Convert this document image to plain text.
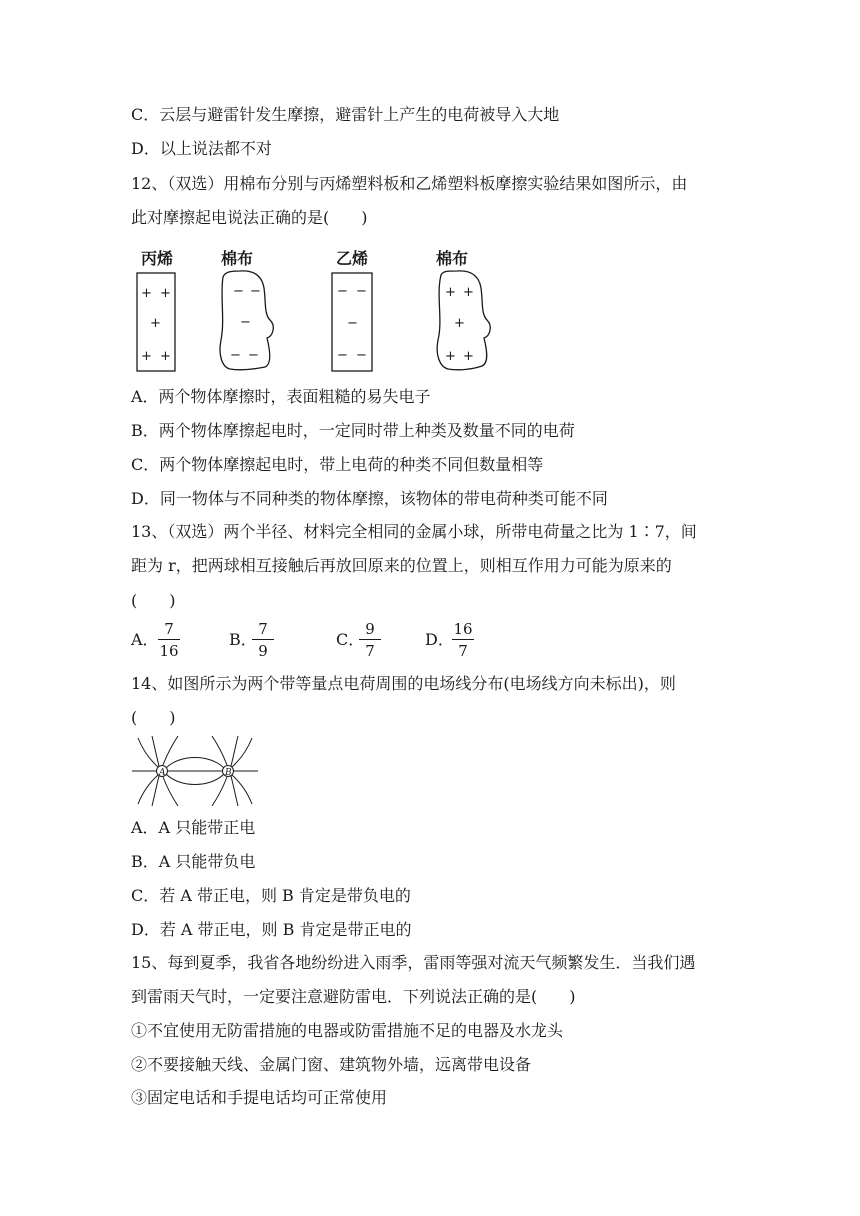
C．云层与避雷针发生摩擦，避雷针上产生的电荷被导入大地
D．以上说法都不对
12、（双选）用棉布分别与丙烯塑料板和乙烯塑料板摩擦实验结果如图所示，由
此对摩擦起电说法正确的是(　　)
丙烯	棉布	乙烯	棉布
+ +
+
+ +
− −
−
− −
− −
−
− −
+ +
+
+ +
A．两个物体摩擦时，表面粗糙的易失电子
B．两个物体摩擦起电时，一定同时带上种类及数量不同的电荷
C．两个物体摩擦起电时，带上电荷的种类不同但数量相等
D．同一物体与不同种类的物体摩擦，该物体的带电荷种类可能不同
13、（双选）两个半径、材料完全相同的金属小球，所带电荷量之比为 1∶7，间
距为 r，把两球相互接触后再放回原来的位置上，则相互作用力可能为原来的
(　　)
A．
7
16
B．
7
9
C．
9
7
D．
16
7
14、如图所示为两个带等量点电荷周围的电场线分布(电场线方向未标出)，则
(　　)
A	B
A．A 只能带正电
B．A 只能带负电
C．若 A 带正电，则 B 肯定是带负电的
D．若 A 带正电，则 B 肯定是带正电的
15、每到夏季，我省各地纷纷进入雨季，雷雨等强对流天气频繁发生．当我们遇
到雷雨天气时，一定要注意避防雷电．下列说法正确的是(　　)
①不宜使用无防雷措施的电器或防雷措施不足的电器及水龙头
②不要接触天线、金属门窗、建筑物外墙，远离带电设备
③固定电话和手提电话均可正常使用
